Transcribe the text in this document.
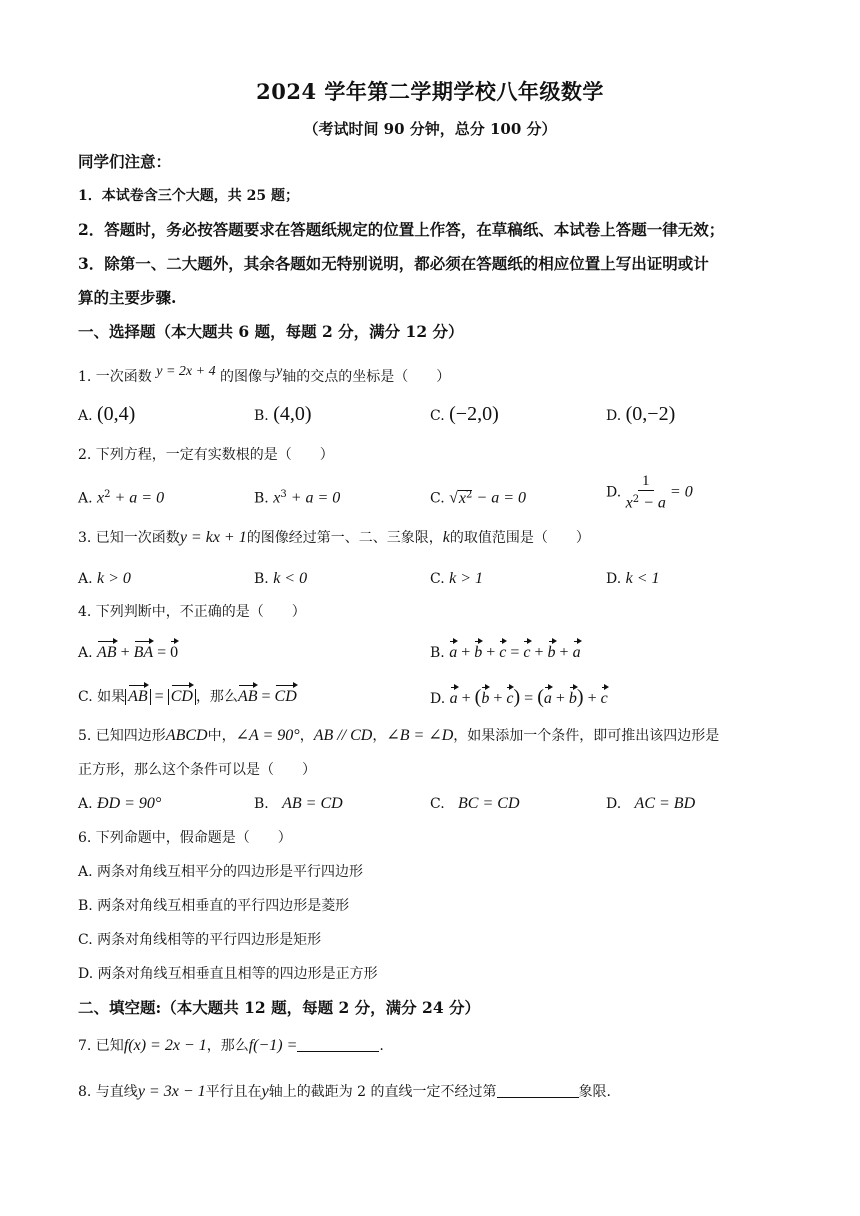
2024 学年第二学期学校八年级数学
（考试时间 90 分钟，总分 100 分）
同学们注意：
1．本试卷含三个大题，共 25 题；
2．答题时，务必按答题要求在答题纸规定的位置上作答，在草稿纸、本试卷上答题一律无效；
3．除第一、二大题外，其余各题如无特别说明，都必须在答题纸的相应位置上写出证明或计
算的主要步骤.
一、选择题（本大题共 6 题，每题 2 分，满分 12 分）
1. 一次函数 y = 2x + 4 的图像与y轴的交点的坐标是（　　）
A. (0,4)	B. (4,0)	C. (−2,0)	D. (0,−2)
2. 下列方程，一定有实数根的是（　　）
A. $x^2 + a = 0$	B. $x^3 + a = 0$	C. $√x^2 - a = 0$	D. $\frac{1}{x^2 - a} = 0$
3. 已知一次函数y = kx + 1的图像经过第一、二、三象限，k的取值范围是（　　）
A. k > 0	B. k < 0	C. k > 1	D. k < 1
4. 下列判断中，不正确的是（　　）
A. AB + BA = 0	B. a + b + c = c + b + a
C. 如果 AB = CD ，那么AB = CD	D. a + (b + c) = (a + b) + c
5. 已知四边形ABCD中，∠A = 90°，AB // CD，∠B = ∠D，如果添加一个条件，即可推出该四边形是
正方形，那么这个条件可以是（　　）
A. ÐD = 90°	B. AB = CD	C. BC = CD	D. AC = BD
6. 下列命题中，假命题是（　　）
A. 两条对角线互相平分的四边形是平行四边形
B. 两条对角线互相垂直的平行四边形是菱形
C. 两条对角线相等的平行四边形是矩形
D. 两条对角线互相垂直且相等的四边形是正方形
二、填空题:（本大题共 12 题，每题 2 分，满分 24 分）
7. 已知f(x) = 2x − 1，那么f(−1) =	.
8. 与直线y = 3x − 1平行且在y轴上的截距为 2 的直线一定不经过第	象限.
